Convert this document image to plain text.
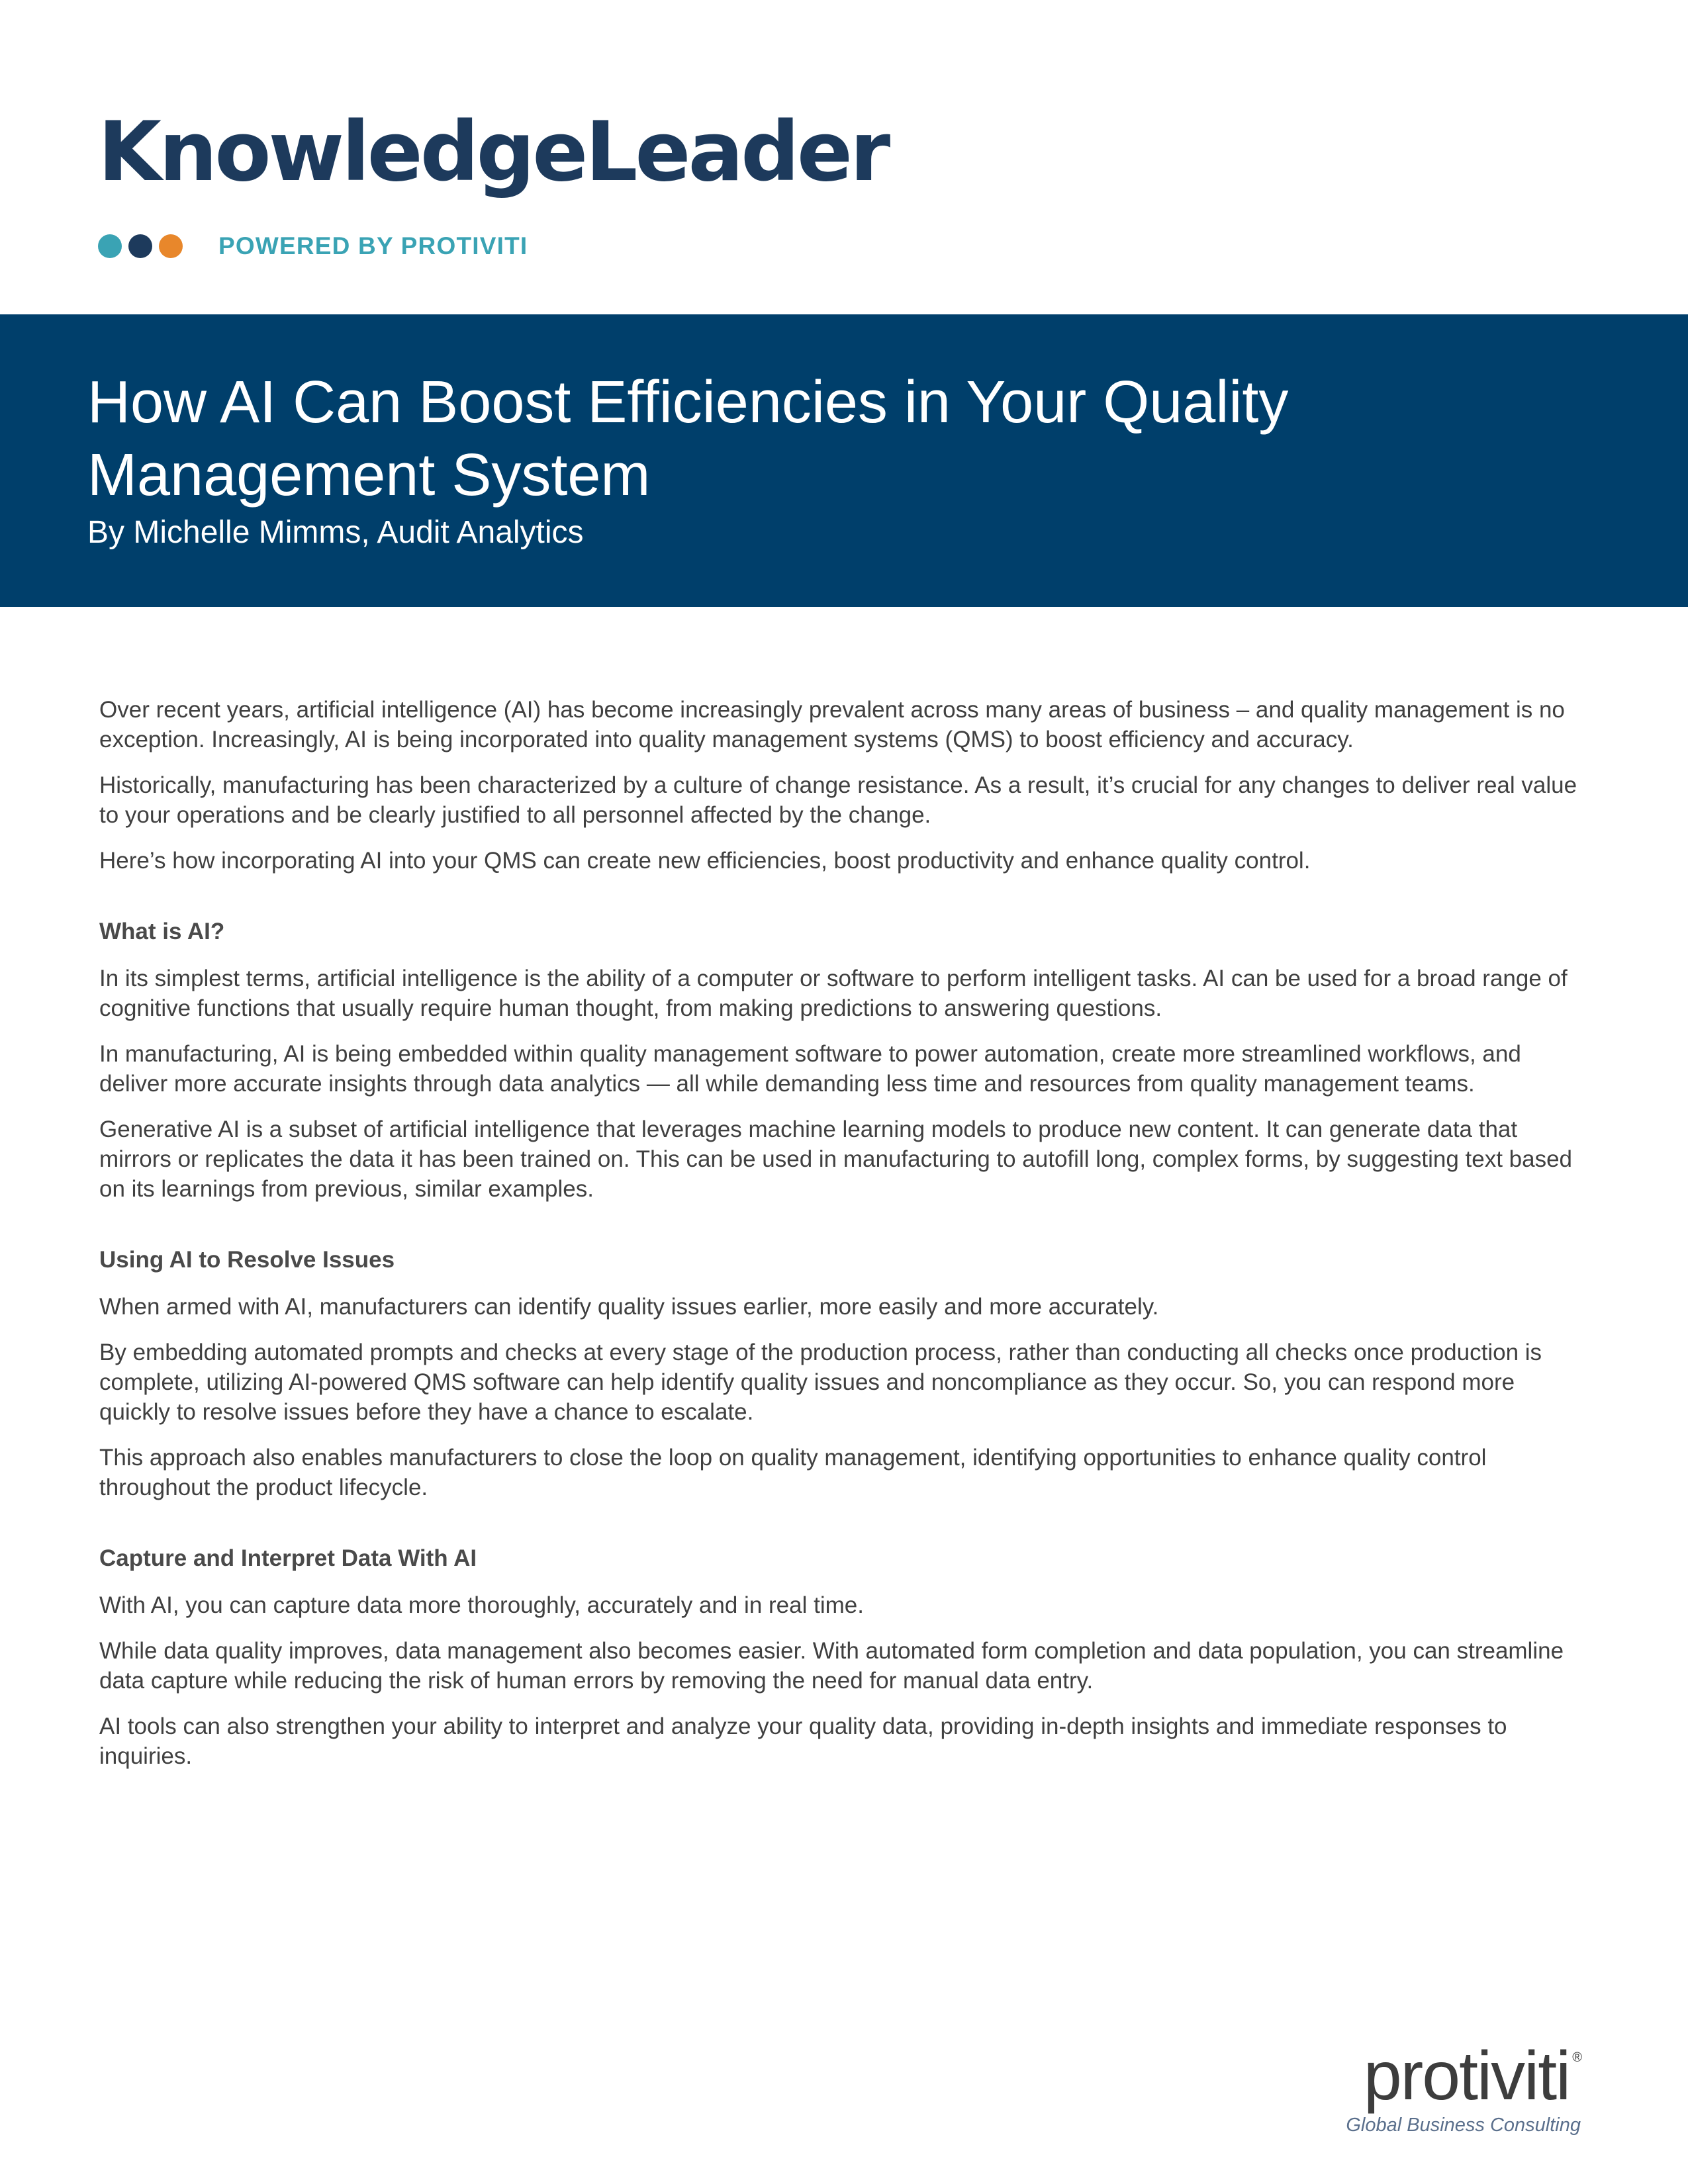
KnowledgeLeader
POWERED BY PROTIVITI
How AI Can Boost Efficiencies in Your Quality Management System

By Michelle Mimms, Audit Analytics

Over recent years, artificial intelligence (AI) has become increasingly prevalent across many areas of business – and quality management is no exception. Increasingly, AI is being incorporated into quality management systems (QMS) to boost efficiency and accuracy.

Historically, manufacturing has been characterized by a culture of change resistance. As a result, it’s crucial for any changes to deliver real value to your operations and be clearly justified to all personnel affected by the change.

Here’s how incorporating AI into your QMS can create new efficiencies, boost productivity and enhance quality control.

What is AI?

In its simplest terms, artificial intelligence is the ability of a computer or software to perform intelligent tasks. AI can be used for a broad range of cognitive functions that usually require human thought, from making predictions to answering questions.

In manufacturing, AI is being embedded within quality management software to power automation, create more streamlined workflows, and deliver more accurate insights through data analytics — all while demanding less time and resources from quality management teams.

Generative AI is a subset of artificial intelligence that leverages machine learning models to produce new content. It can generate data that mirrors or replicates the data it has been trained on. This can be used in manufacturing to autofill long, complex forms, by suggesting text based on its learnings from previous, similar examples.

Using AI to Resolve Issues

When armed with AI, manufacturers can identify quality issues earlier, more easily and more accurately.

By embedding automated prompts and checks at every stage of the production process, rather than conducting all checks once production is complete, utilizing AI-powered QMS software can help identify quality issues and noncompliance as they occur. So, you can respond more quickly to resolve issues before they have a chance to escalate.

This approach also enables manufacturers to close the loop on quality management, identifying opportunities to enhance quality control throughout the product lifecycle.

Capture and Interpret Data With AI

With AI, you can capture data more thoroughly, accurately and in real time.

While data quality improves, data management also becomes easier. With automated form completion and data population, you can streamline data capture while reducing the risk of human errors by removing the need for manual data entry.

AI tools can also strengthen your ability to interpret and analyze your quality data, providing in-depth insights and immediate responses to inquiries.

protiviti ®
Global Business Consulting
